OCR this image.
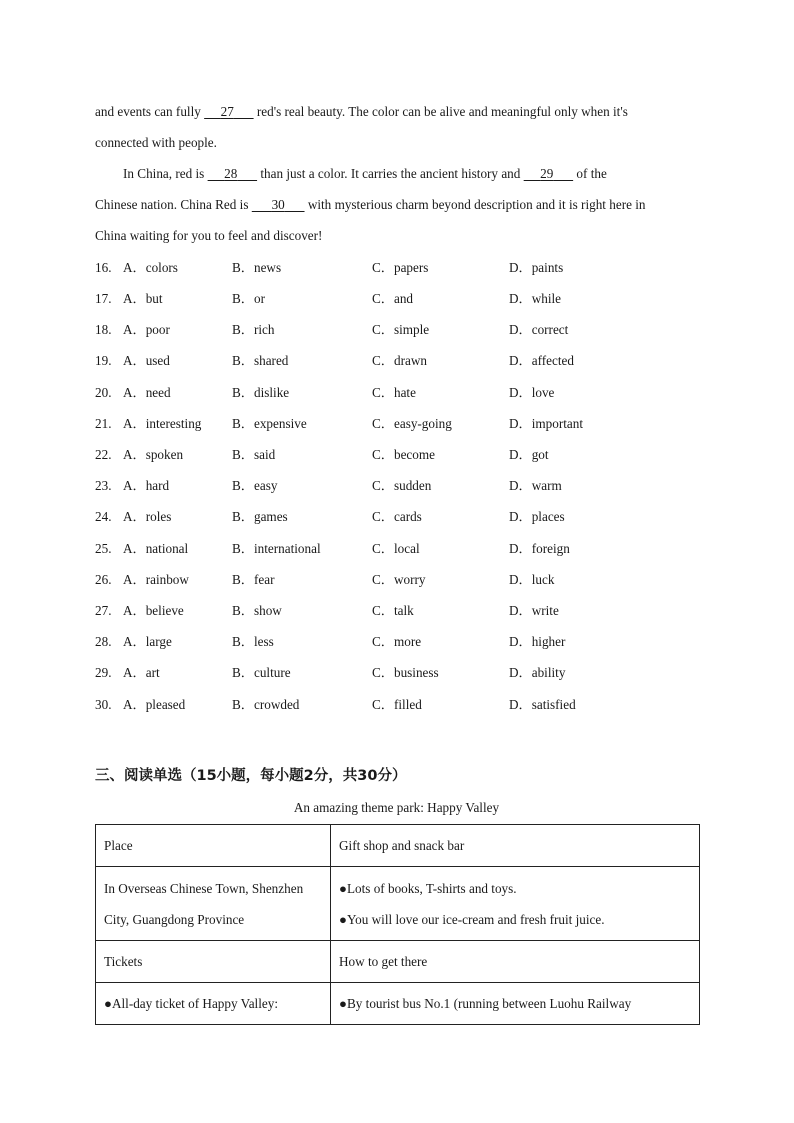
and events can fully      27       red's real beauty. The color can be alive and meaningful only when it's
connected with people.
In China, red is      28       than just a color. It carries the ancient history and      29       of the
Chinese nation. China Red is       30       with mysterious charm beyond description and it is right here in
China waiting for you to feel and discover!
16. A．colors	B．news	C．papers	D．paints
17. A．but	B．or	C．and	D．while
18. A．poor	B．rich	C．simple	D．correct
19. A．used	B．shared	C．drawn	D．affected
20. A．need	B．dislike	C．hate	D．love
21. A．interesting B．expensive	C．easy-going	D．important
22. A．spoken	B．said	C．become	D．got
23. A．hard	B．easy	C．sudden	D．warm
24. A．roles	B．games	C．cards	D．places
25. A．national	B．international	C．local	D．foreign
26. A．rainbow	B．fear	C．worry	D．luck
27. A．believe	B．show	C．talk	D．write
28. A．large	B．less	C．more	D．higher
29. A．art	B．culture	C．business	D．ability
30. A．pleased	B．crowded	C．filled	D．satisfied
三、阅读单选（15小题，每小题2分，共30分）
An amazing theme park: Happy Valley
Place	Gift shop and snack bar

In Overseas Chinese Town, Shenzhen
City, Guangdong Province	●Lots of books, T-shirts and toys.
●You will love our ice-cream and fresh fruit juice.

Tickets	How to get there

●All-day ticket of Happy Valley:	●By tourist bus No.1 (running between Luohu Railway
